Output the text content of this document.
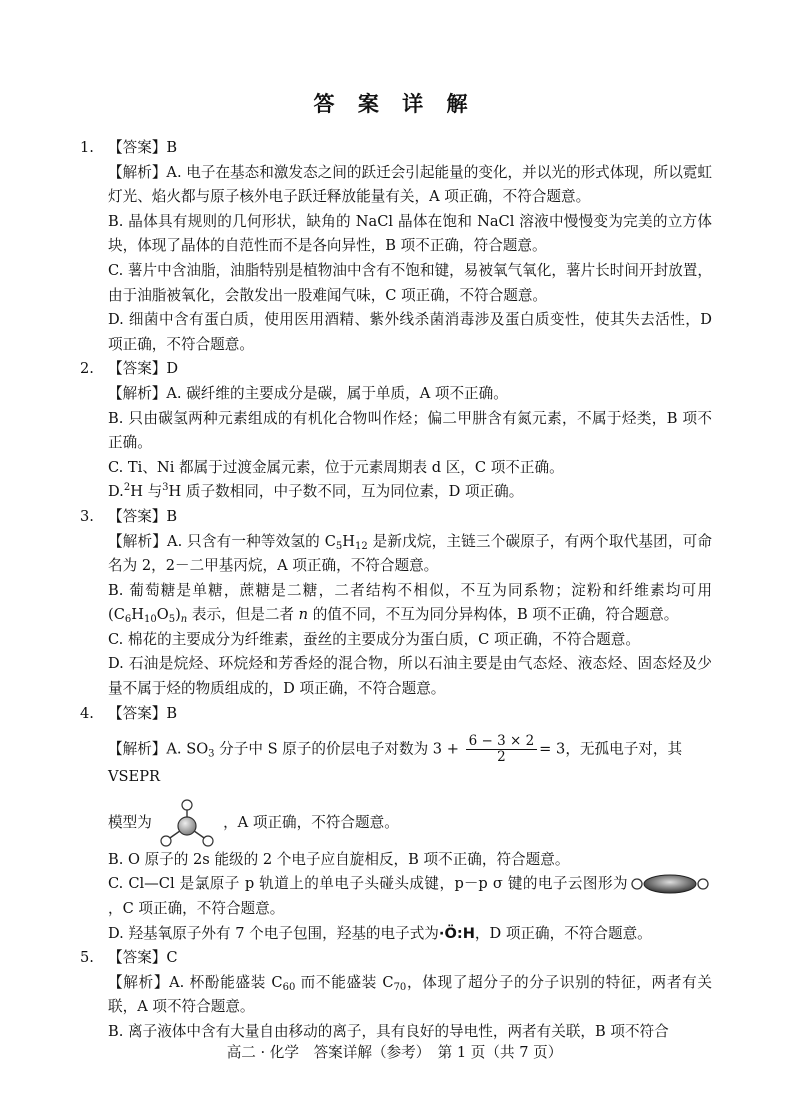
答 案 详 解
1. 【答案】B
【解析】A. 电子在基态和激发态之间的跃迁会引起能量的变化，并以光的形式体现，所以霓虹灯光、焰火都与原子核外电子跃迁释放能量有关，A 项正确，不符合题意。
B. 晶体具有规则的几何形状，缺角的 NaCl 晶体在饱和 NaCl 溶液中慢慢变为完美的立方体块，体现了晶体的自范性而不是各向异性，B 项不正确，符合题意。
C. 薯片中含油脂，油脂特别是植物油中含有不饱和键，易被氧气氧化，薯片长时间开封放置，由于油脂被氧化，会散发出一股难闻气味，C 项正确，不符合题意。
D. 细菌中含有蛋白质，使用医用酒精、紫外线杀菌消毒涉及蛋白质变性，使其失去活性，D 项正确，不符合题意。
2. 【答案】D
【解析】A. 碳纤维的主要成分是碳，属于单质，A 项不正确。
B. 只由碳氢两种元素组成的有机化合物叫作烃；偏二甲肼含有氮元素，不属于烃类，B 项不正确。
C. Ti、Ni 都属于过渡金属元素，位于元素周期表 d 区，C 项不正确。
D.$^2$H 与$^3$H 质子数相同，中子数不同，互为同位素，D 项正确。
3. 【答案】B
【解析】A. 只含有一种等效氢的 $C_5H_{12}$ 是新戊烷，主链三个碳原子，有两个取代基团，可命名为 2，2－二甲基丙烷，A 项正确，不符合题意。
B. 葡萄糖是单糖，蔗糖是二糖，二者结构不相似，不互为同系物；淀粉和纤维素均可用$(C_6H_{10}O_5)_n$ 表示，但是二者 n 的值不同，不互为同分异构体，B 项不正确，符合题意。
C. 棉花的主要成分为纤维素，蚕丝的主要成分为蛋白质，C 项正确，不符合题意。
D. 石油是烷烃、环烷烃和芳香烃的混合物，所以石油主要是由气态烃、液态烃、固态烃及少量不属于烃的物质组成的，D 项正确，不符合题意。
4. 【答案】B
【解析】A. $SO_3$ 分子中 S 原子的价层电子对数为 $3 + \frac{6 - 3 \times 2}{2} = 3$，无孤电子对，其 VSEPR
模型为	，A 项正确，不符合题意。
B. O 原子的 2s 能级的 2 个电子应自旋相反，B 项不正确，符合题意。
C. Cl—Cl 是氯原子 p 轨道上的单电子头碰头成键，p－p σ 键的电子云图形为，C 项正确，不符合题意。
D. 羟基氧原子外有 7 个电子包围，羟基的电子式为·Ö:H，D 项正确，不符合题意。
5. 【答案】C
【解析】A. 杯酚能盛装 $C_{60}$ 而不能盛装 $C_{70}$，体现了超分子的分子识别的特征，两者有关联，A 项不符合题意。
B. 离子液体中含有大量自由移动的离子，具有良好的导电性，两者有关联，B 项不符合
高二 · 化学　答案详解（参考）　第 1 页（共 7 页）
